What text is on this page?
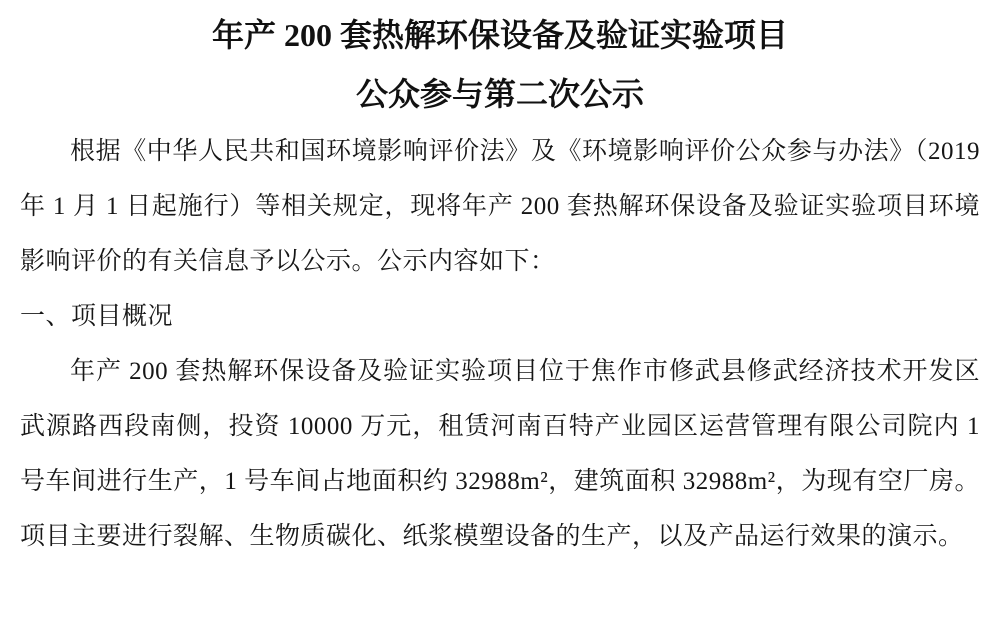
年产 200 套热解环保设备及验证实验项目
公众参与第二次公示

根据《中华人民共和国环境影响评价法》及《环境影响评价公众参与办法》（2019 年 1 月 1 日起施行）等相关规定，现将年产 200 套热解环保设备及验证实验项目环境影响评价的有关信息予以公示。公示内容如下：

一、项目概况

年产 200 套热解环保设备及验证实验项目位于焦作市修武县修武经济技术开发区武源路西段南侧，投资 10000 万元，租赁河南百特产业园区运营管理有限公司院内 1 号车间进行生产，1 号车间占地面积约 32988m²，建筑面积 32988m²，为现有空厂房。项目主要进行裂解、生物质碳化、纸浆模塑设备的生产，以及产品运行效果的演示。
